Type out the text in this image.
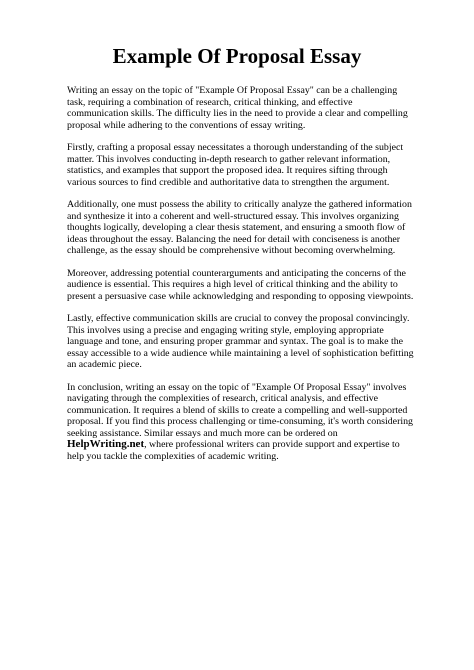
Example Of Proposal Essay

Writing an essay on the topic of "Example Of Proposal Essay" can be a challenging task, requiring a combination of research, critical thinking, and effective communication skills. The difficulty lies in the need to provide a clear and compelling proposal while adhering to the conventions of essay writing.

Firstly, crafting a proposal essay necessitates a thorough understanding of the subject matter. This involves conducting in-depth research to gather relevant information, statistics, and examples that support the proposed idea. It requires sifting through various sources to find credible and authoritative data to strengthen the argument.

Additionally, one must possess the ability to critically analyze the gathered information and synthesize it into a coherent and well-structured essay. This involves organizing thoughts logically, developing a clear thesis statement, and ensuring a smooth flow of ideas throughout the essay. Balancing the need for detail with conciseness is another challenge, as the essay should be comprehensive without becoming overwhelming.

Moreover, addressing potential counterarguments and anticipating the concerns of the audience is essential. This requires a high level of critical thinking and the ability to present a persuasive case while acknowledging and responding to opposing viewpoints.

Lastly, effective communication skills are crucial to convey the proposal convincingly. This involves using a precise and engaging writing style, employing appropriate language and tone, and ensuring proper grammar and syntax. The goal is to make the essay accessible to a wide audience while maintaining a level of sophistication befitting an academic piece.

In conclusion, writing an essay on the topic of "Example Of Proposal Essay" involves navigating through the complexities of research, critical analysis, and effective communication. It requires a blend of skills to create a compelling and well-supported proposal. If you find this process challenging or time-consuming, it's worth considering seeking assistance. Similar essays and much more can be ordered on HelpWriting.net, where professional writers can provide support and expertise to help you tackle the complexities of academic writing.
